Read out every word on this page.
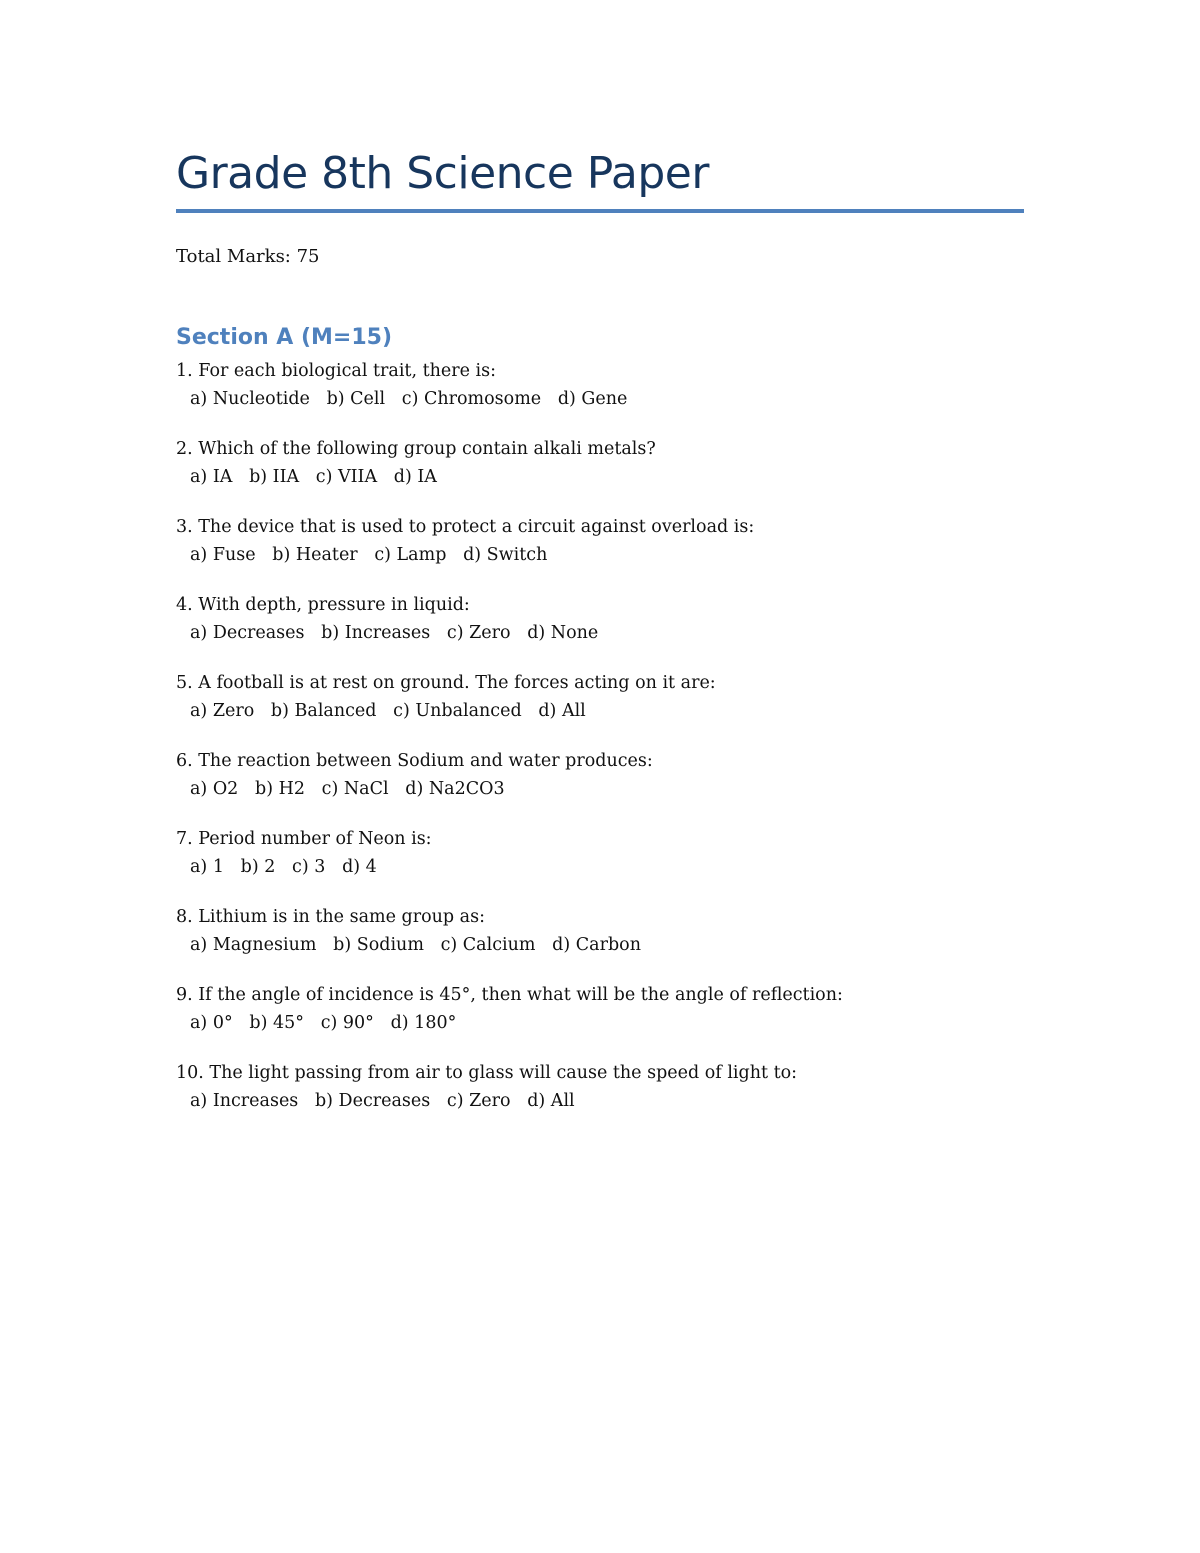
Grade 8th Science Paper
Total Marks: 75
Section A (M=15)
1. For each biological trait, there is:
a) Nucleotide   b) Cell   c) Chromosome   d) Gene
2. Which of the following group contain alkali metals?
a) IA   b) IIA   c) VIIA   d) IA
3. The device that is used to protect a circuit against overload is:
a) Fuse   b) Heater   c) Lamp   d) Switch
4. With depth, pressure in liquid:
a) Decreases   b) Increases   c) Zero   d) None
5. A football is at rest on ground. The forces acting on it are:
a) Zero   b) Balanced   c) Unbalanced   d) All
6. The reaction between Sodium and water produces:
a) O2   b) H2   c) NaCl   d) Na2CO3
7. Period number of Neon is:
a) 1   b) 2   c) 3   d) 4
8. Lithium is in the same group as:
a) Magnesium   b) Sodium   c) Calcium   d) Carbon
9. If the angle of incidence is 45°, then what will be the angle of reflection:
a) 0°   b) 45°   c) 90°   d) 180°
10. The light passing from air to glass will cause the speed of light to:
a) Increases   b) Decreases   c) Zero   d) All
